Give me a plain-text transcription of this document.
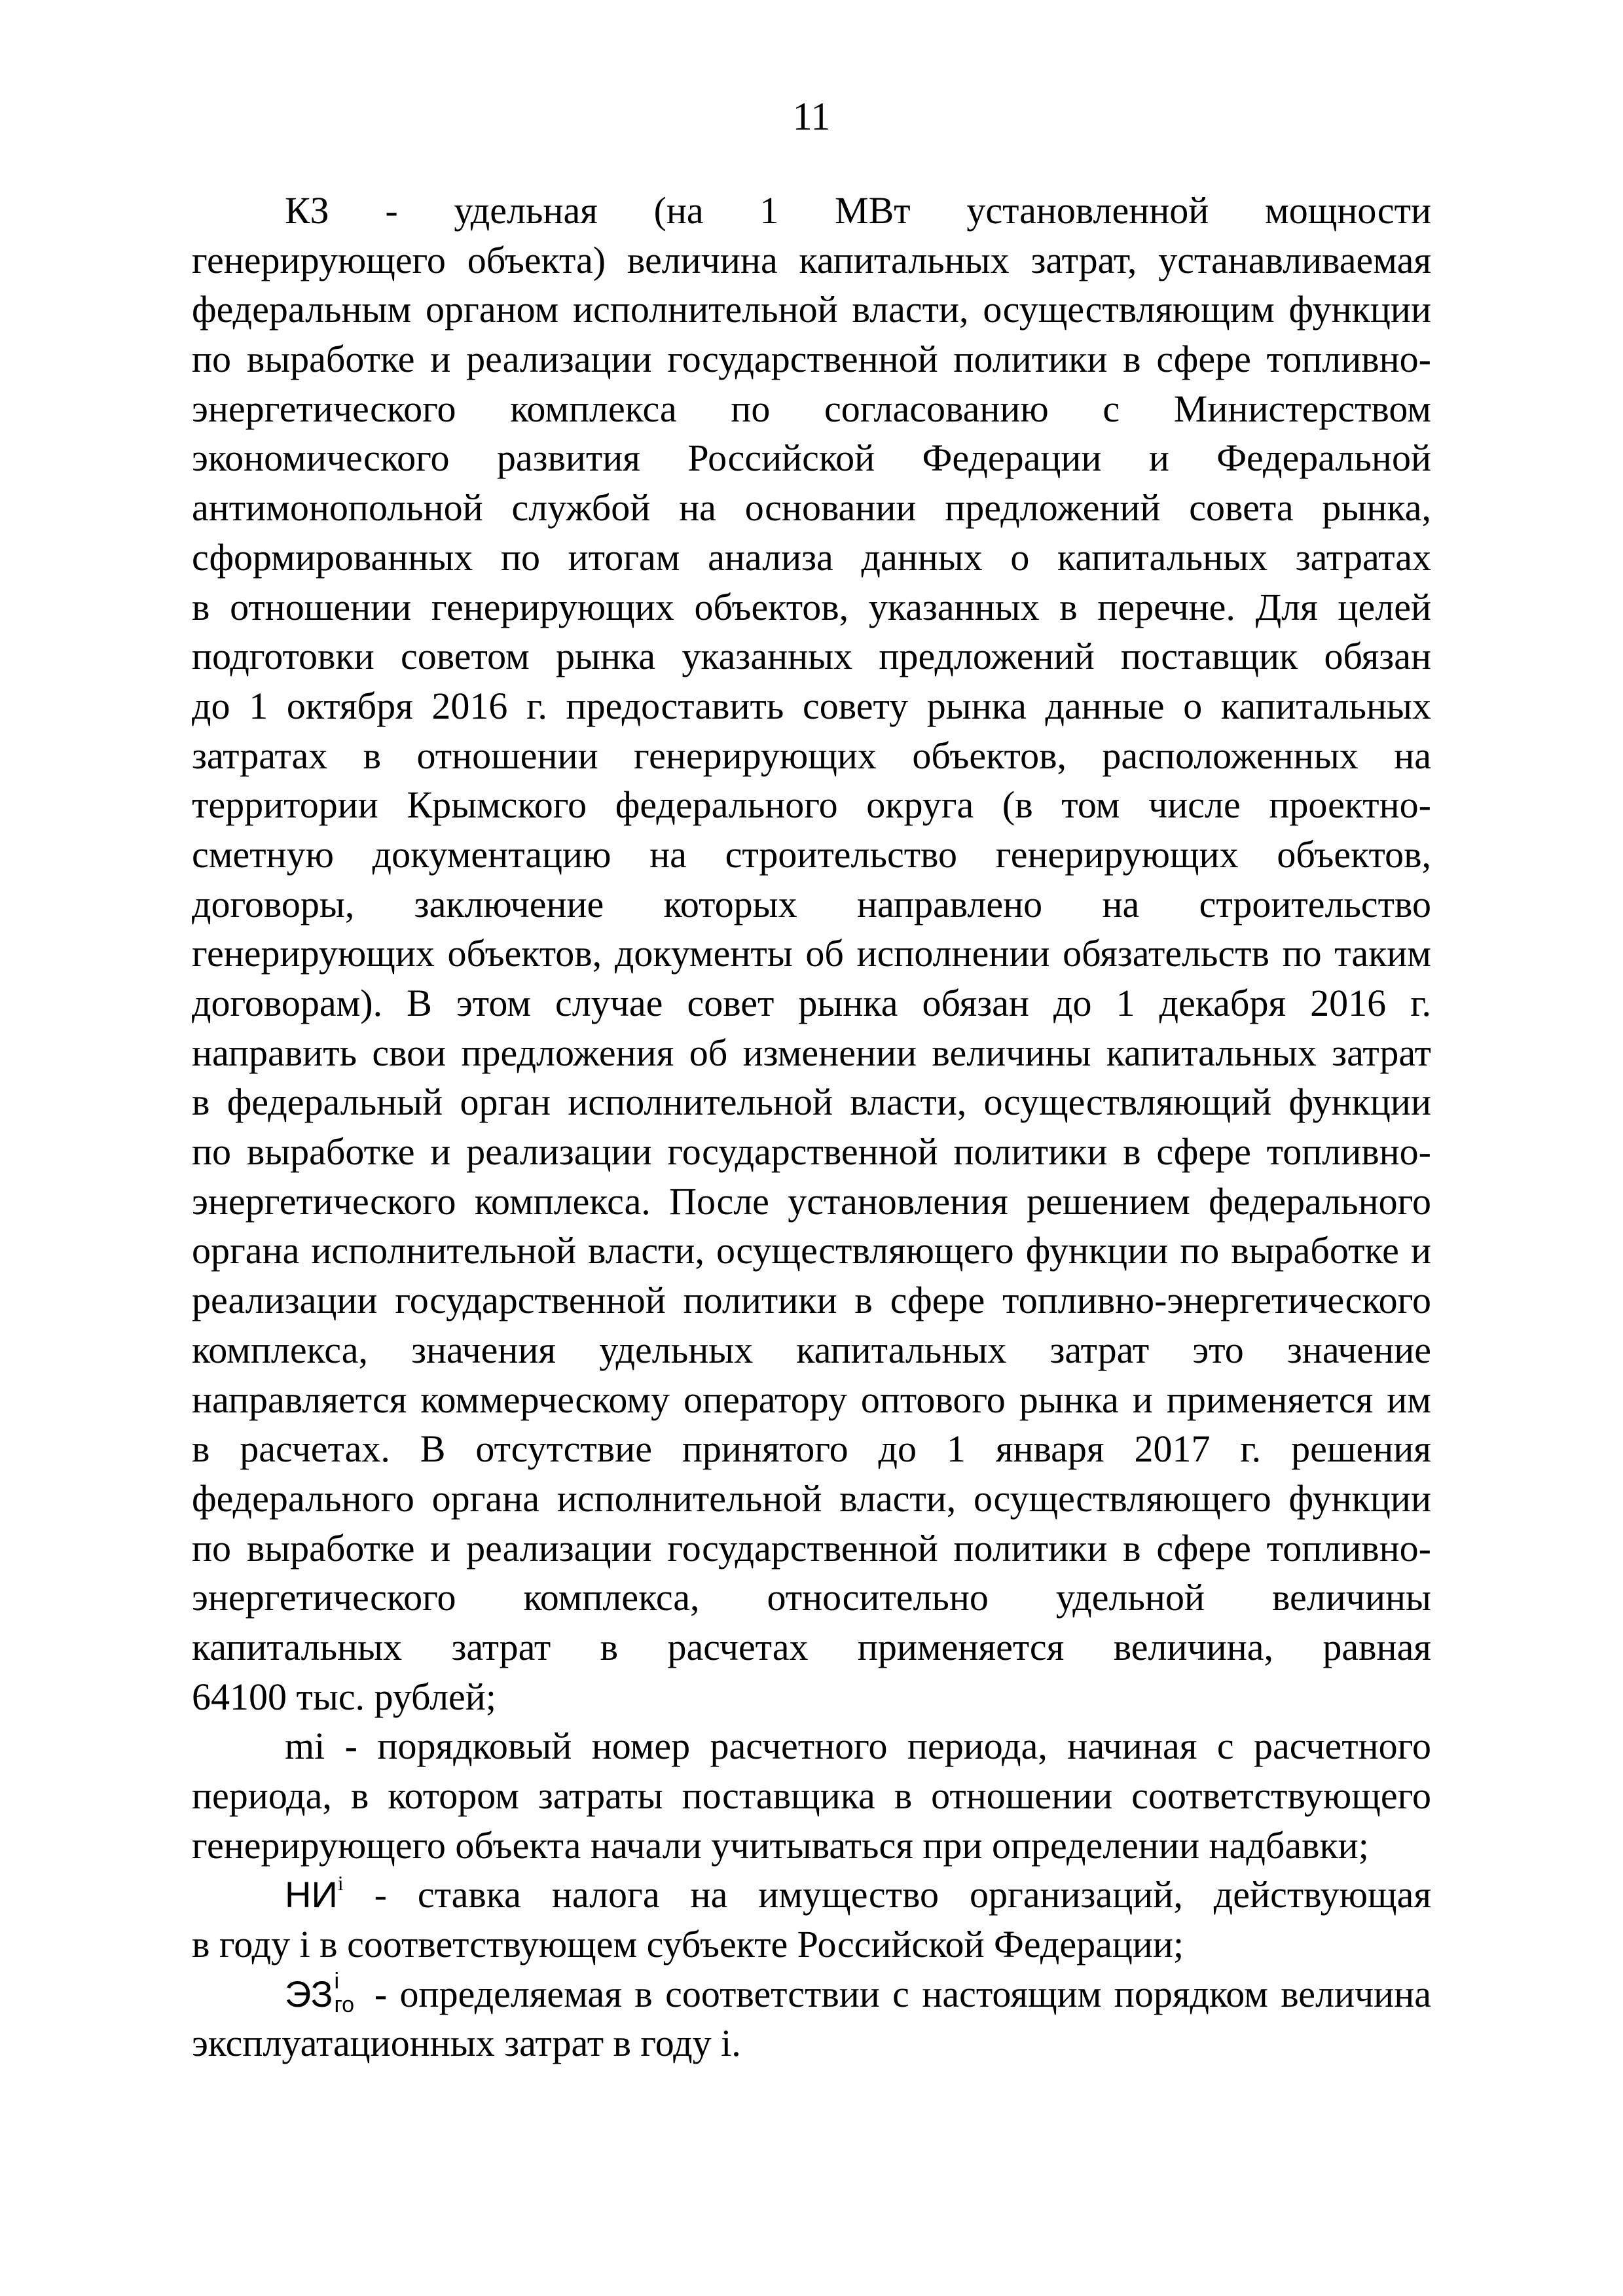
11
КЗ - удельная (на 1 МВт установленной мощности
генерирующего объекта) величина капитальных затрат, устанавливаемая
федеральным органом исполнительной власти, осуществляющим функции
по выработке и реализации государственной политики в сфере топливно-
энергетического комплекса по согласованию с Министерством
экономического развития Российской Федерации и Федеральной
антимонопольной службой на основании предложений совета рынка,
сформированных по итогам анализа данных о капитальных затратах
в отношении генерирующих объектов, указанных в перечне. Для целей
подготовки советом рынка указанных предложений поставщик обязан
до 1 октября 2016 г. предоставить совету рынка данные о капитальных
затратах в отношении генерирующих объектов, расположенных на
территории Крымского федерального округа (в том числе проектно-
сметную документацию на строительство генерирующих объектов,
договоры, заключение которых направлено на строительство
генерирующих объектов, документы об исполнении обязательств по таким
договорам). В этом случае совет рынка обязан до 1 декабря 2016 г.
направить свои предложения об изменении величины капитальных затрат
в федеральный орган исполнительной власти, осуществляющий функции
по выработке и реализации государственной политики в сфере топливно-
энергетического комплекса. После установления решением федерального
органа исполнительной власти, осуществляющего функции по выработке и
реализации государственной политики в сфере топливно-энергетического
комплекса, значения удельных капитальных затрат это значение
направляется коммерческому оператору оптового рынка и применяется им
в расчетах. В отсутствие принятого до 1 января 2017 г. решения
федерального органа исполнительной власти, осуществляющего функции
по выработке и реализации государственной политики в сфере топливно-
энергетического комплекса, относительно удельной величины
капитальных затрат в расчетах применяется величина, равная
64100 тыс. рублей;
mi - порядковый номер расчетного периода, начиная с расчетного
периода, в котором затраты поставщика в отношении соответствующего
генерирующего объекта начали учитываться при определении надбавки;
$НИ^i$ - ставка налога на имущество организаций, действующая
в году i в соответствующем субъекте Российской Федерации;
ЭЗ i
го - определяемая в соответствии с настоящим порядком величина
эксплуатационных затрат в году i.
